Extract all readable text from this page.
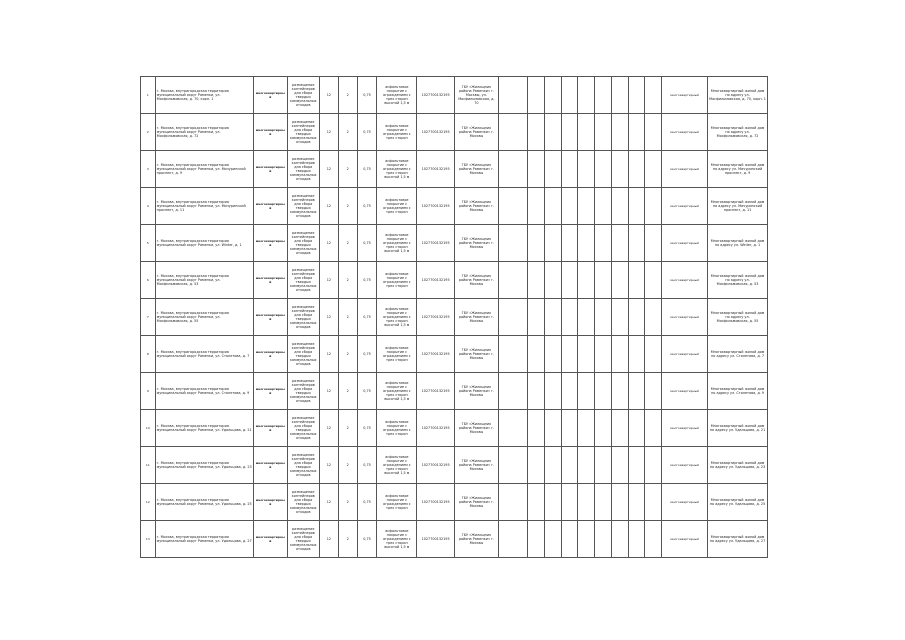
1	г. Москва, внутригородская территория муниципальный округ Раменки, ул. Мосфильмовская, д. 70, корп. 1	многоквартирный	размещение контейнеров для сбора твердых коммунальных отходов	12	2	0,75	асфальтовое покрытие с ограждением с трех сторон высотой 1,5 м	1027700132195	ГБУ «Жилищник района Раменки» г. Москвы, ул. Мосфильмовская, д. 70										многоквартирный	Многоквартирный жилой дом по адресу ул. Мосфильмовская, д. 70, корп. 1
2	г. Москва, внутригородская территория муниципальный округ Раменки, ул. Мосфильмовская, д. 72	многоквартирный	размещение контейнеров для сбора твердых коммунальных отходов	12	2	0,75	асфальтовое покрытие с ограждением с трех сторон	1027700132195	ГБУ «Жилищник района Раменки» г. Москвы										многоквартирный	Многоквартирный жилой дом по адресу ул. Мосфильмовская, д. 72
3	г. Москва, внутригородская территория муниципальный округ Раменки, ул. Мичуринский проспект, д. 9	многоквартирный	размещение контейнеров для сбора твердых коммунальных отходов	12	2	0,75	асфальтовое покрытие с ограждением с трех сторон высотой 1,5 м	1027700132195	ГБУ «Жилищник района Раменки» г. Москвы										многоквартирный	Многоквартирный жилой дом по адресу ул. Мичуринский проспект, д. 9
4	г. Москва, внутригородская территория муниципальный округ Раменки, ул. Мичуринский проспект, д. 11	многоквартирный	размещение контейнеров для сбора твердых коммунальных отходов	12	2	0,75	асфальтовое покрытие с ограждением с трех сторон	1027700132195	ГБУ «Жилищник района Раменки» г. Москвы										многоквартирный	Многоквартирный жилой дом по адресу ул. Мичуринский проспект, д. 11
5	г. Москва, внутригородская территория муниципальный округ Раменки, ул. Winter, д. 1	многоквартирный	размещение контейнеров для сбора твердых коммунальных отходов	12	2	0,75	асфальтовое покрытие с ограждением с трех сторон высотой 1,5 м	1027700132195	ГБУ «Жилищник района Раменки» г. Москвы										многоквартирный	Многоквартирный жилой дом по адресу ул. Winter, д. 1
6	г. Москва, внутригородская территория муниципальный округ Раменки, ул. Мосфильмовская, д. 53	многоквартирный	размещение контейнеров для сбора твердых коммунальных отходов	12	2	0,75	асфальтовое покрытие с ограждением с трех сторон	1027700132195	ГБУ «Жилищник района Раменки» г. Москвы										многоквартирный	Многоквартирный жилой дом по адресу ул. Мосфильмовская, д. 53
7	г. Москва, внутригородская территория муниципальный округ Раменки, ул. Мосфильмовская, д. 55	многоквартирный	размещение контейнеров для сбора твердых коммунальных отходов	12	2	0,75	асфальтовое покрытие с ограждением с трех сторон высотой 1,5 м	1027700132195	ГБУ «Жилищник района Раменки» г. Москвы										многоквартирный	Многоквартирный жилой дом по адресу ул. Мосфильмовская, д. 55
8	г. Москва, внутригородская территория муниципальный округ Раменки, ул. Столетова, д. 7	многоквартирный	размещение контейнеров для сбора твердых коммунальных отходов	12	2	0,75	асфальтовое покрытие с ограждением с трех сторон	1027700132195	ГБУ «Жилищник района Раменки» г. Москвы										многоквартирный	Многоквартирный жилой дом по адресу ул. Столетова, д. 7
9	г. Москва, внутригородская территория муниципальный округ Раменки, ул. Столетова, д. 9	многоквартирный	размещение контейнеров для сбора твердых коммунальных отходов	12	2	0,75	асфальтовое покрытие с ограждением с трех сторон высотой 1,5 м	1027700132195	ГБУ «Жилищник района Раменки» г. Москвы										многоквартирный	Многоквартирный жилой дом по адресу ул. Столетова, д. 9
10	г. Москва, внутригородская территория муниципальный округ Раменки, ул. Удальцова, д. 21	многоквартирный	размещение контейнеров для сбора твердых коммунальных отходов	12	2	0,75	асфальтовое покрытие с ограждением с трех сторон	1027700132195	ГБУ «Жилищник района Раменки» г. Москвы										многоквартирный	Многоквартирный жилой дом по адресу ул. Удальцова, д. 21
11	г. Москва, внутригородская территория муниципальный округ Раменки, ул. Удальцова, д. 23	многоквартирный	размещение контейнеров для сбора твердых коммунальных отходов	12	2	0,75	асфальтовое покрытие с ограждением с трех сторон высотой 1,5 м	1027700132195	ГБУ «Жилищник района Раменки» г. Москвы										многоквартирный	Многоквартирный жилой дом по адресу ул. Удальцова, д. 23
12	г. Москва, внутригородская территория муниципальный округ Раменки, ул. Удальцова, д. 25	многоквартирный	размещение контейнеров для сбора твердых коммунальных отходов	12	2	0,75	асфальтовое покрытие с ограждением с трех сторон	1027700132195	ГБУ «Жилищник района Раменки» г. Москвы										многоквартирный	Многоквартирный жилой дом по адресу ул. Удальцова, д. 25
13	г. Москва, внутригородская территория муниципальный округ Раменки, ул. Удальцова, д. 27	многоквартирный	размещение контейнеров для сбора твердых коммунальных отходов	12	2	0,75	асфальтовое покрытие с ограждением с трех сторон высотой 1,5 м	1027700132195	ГБУ «Жилищник района Раменки» г. Москвы										многоквартирный	Многоквартирный жилой дом по адресу ул. Удальцова, д. 27
